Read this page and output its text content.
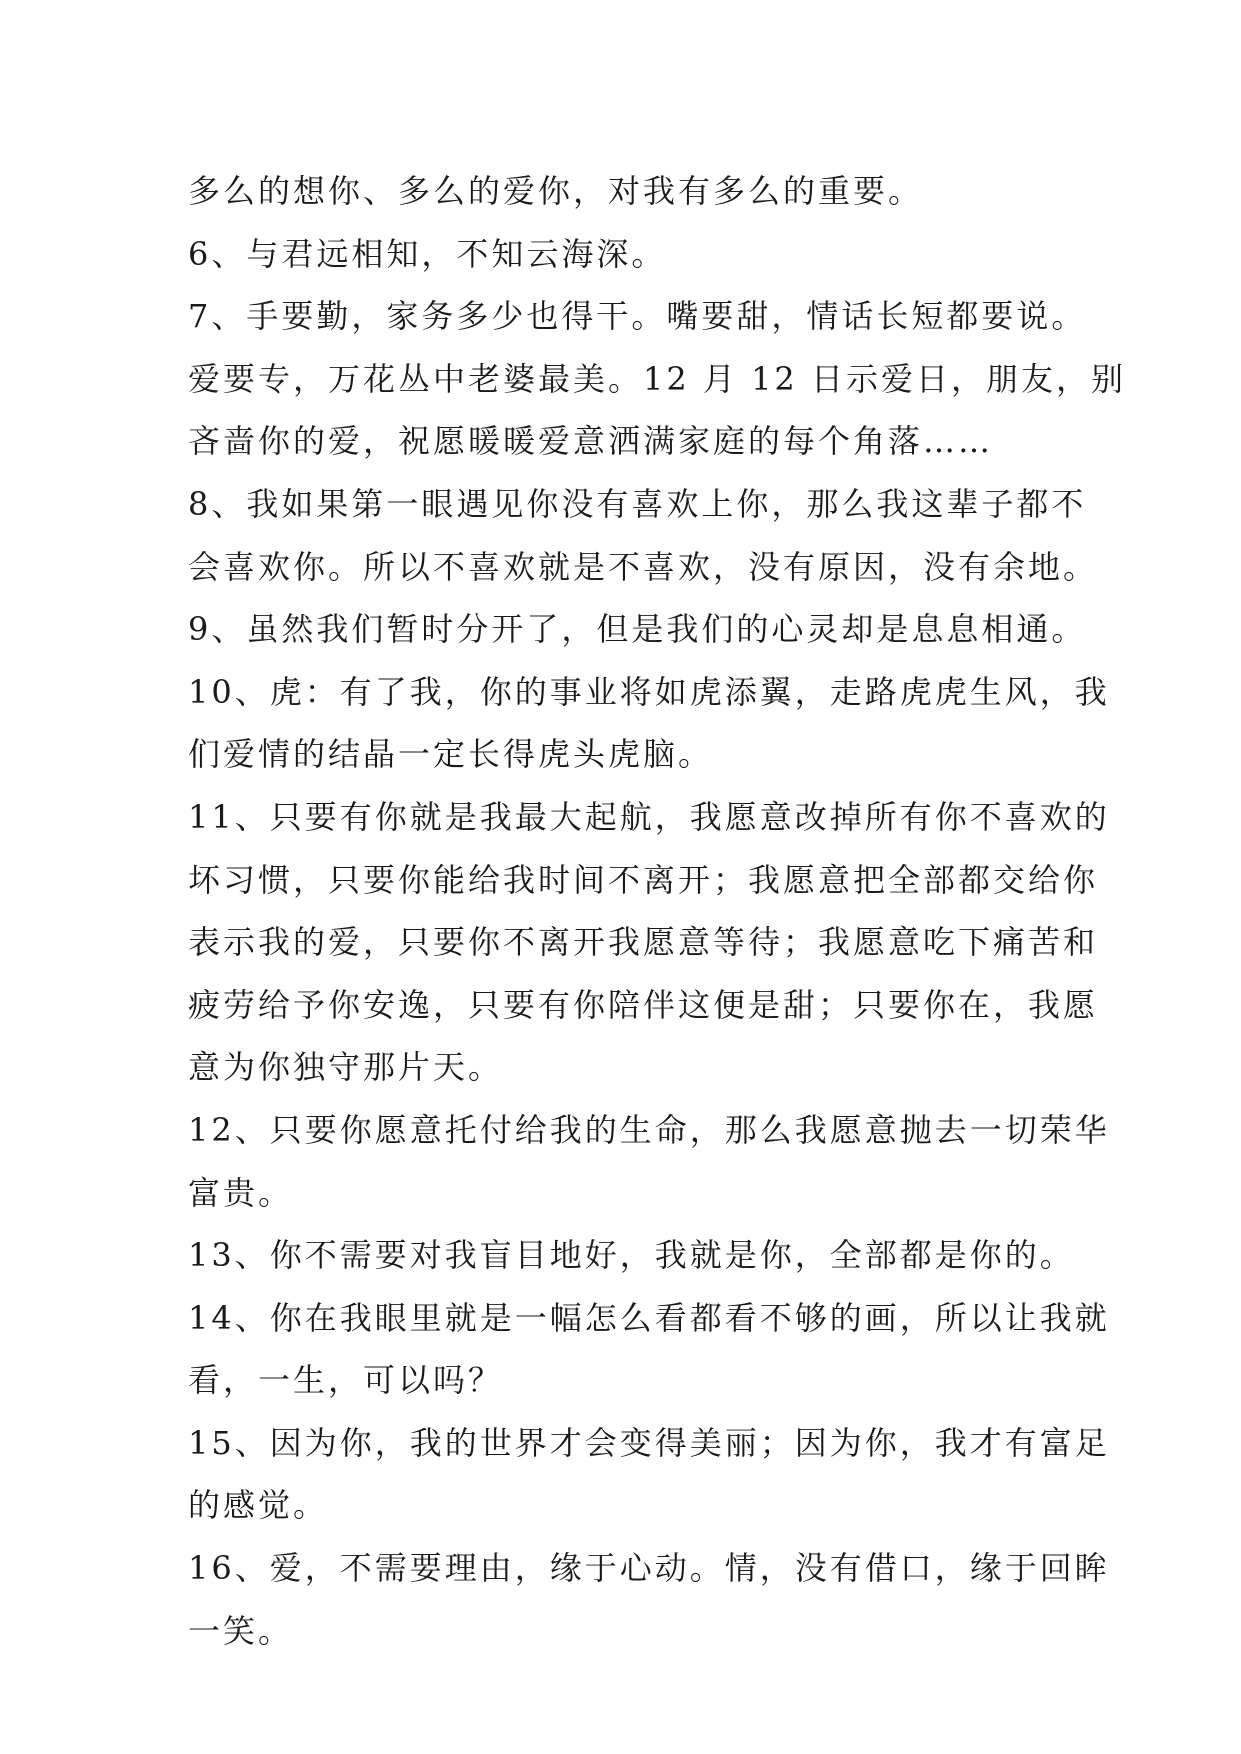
多么的想你、多么的爱你，对我有多么的重要。

6、与君远相知，不知云海深。

7、手要勤，家务多少也得干。嘴要甜，情话长短都要说。

爱要专，万花丛中老婆最美。12 月 12 日示爱日，朋友，别

吝啬你的爱，祝愿暖暖爱意洒满家庭的每个角落……

8、我如果第一眼遇见你没有喜欢上你，那么我这辈子都不

会喜欢你。所以不喜欢就是不喜欢，没有原因，没有余地。

9、虽然我们暂时分开了，但是我们的心灵却是息息相通。

10、虎：有了我，你的事业将如虎添翼，走路虎虎生风，我

们爱情的结晶一定长得虎头虎脑。

11、只要有你就是我最大起航，我愿意改掉所有你不喜欢的

坏习惯，只要你能给我时间不离开；我愿意把全部都交给你

表示我的爱，只要你不离开我愿意等待；我愿意吃下痛苦和

疲劳给予你安逸，只要有你陪伴这便是甜；只要你在，我愿

意为你独守那片天。

12、只要你愿意托付给我的生命，那么我愿意抛去一切荣华

富贵。

13、你不需要对我盲目地好，我就是你，全部都是你的。

14、你在我眼里就是一幅怎么看都看不够的画，所以让我就

看，一生，可以吗？

15、因为你，我的世界才会变得美丽；因为你，我才有富足

的感觉。

16、爱，不需要理由，缘于心动。情，没有借口，缘于回眸

一笑。
